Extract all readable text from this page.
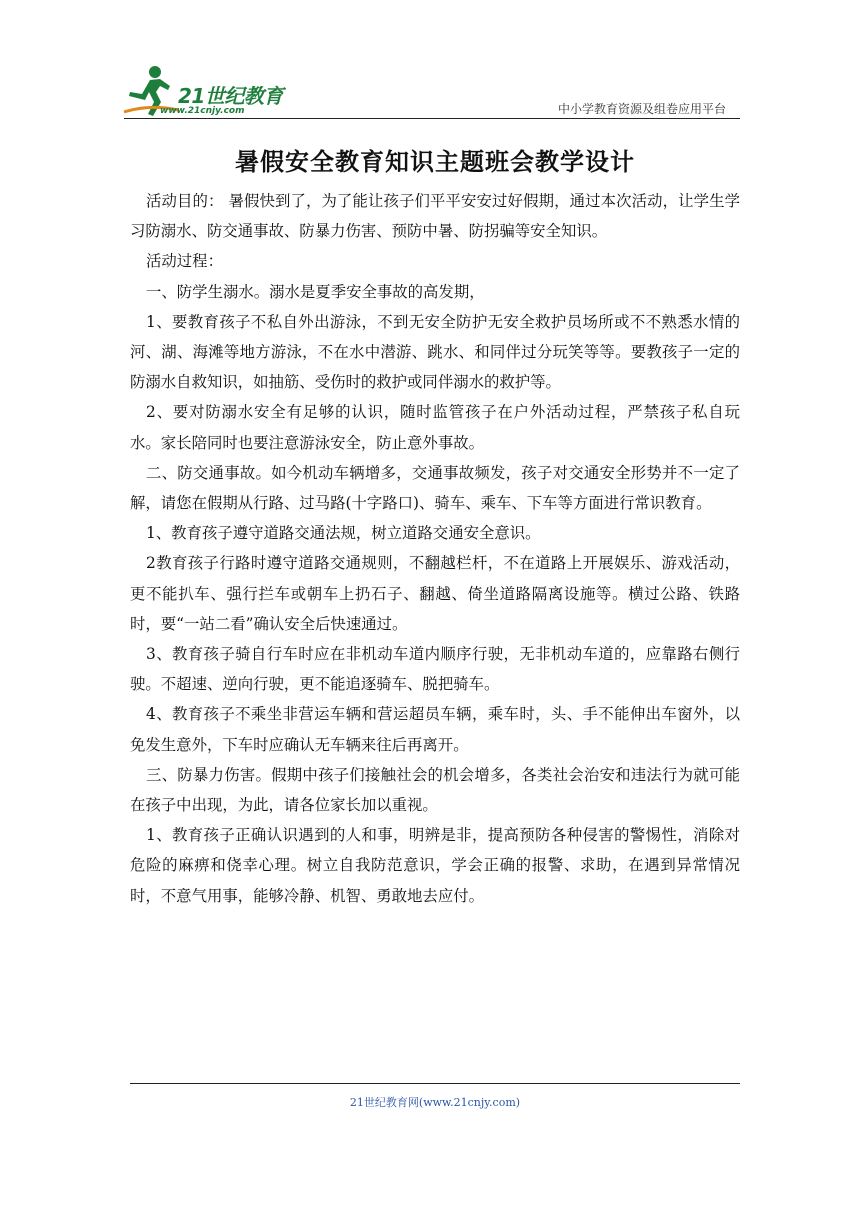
21世纪教育
www.21cnjy.com	中小学教育资源及组卷应用平台
暑假安全教育知识主题班会教学设计

活动目的： 暑假快到了，为了能让孩子们平平安安过好假期，通过本次活动，让学生学习防溺水、防交通事故、防暴力伤害、预防中暑、防拐骗等安全知识。

活动过程：

一、防学生溺水。溺水是夏季安全事故的高发期，

1、要教育孩子不私自外出游泳，不到无安全防护无安全救护员场所或不不熟悉水情的河、湖、海滩等地方游泳，不在水中潜游、跳水、和同伴过分玩笑等等。要教孩子一定的防溺水自救知识，如抽筋、受伤时的救护或同伴溺水的救护等。

2、要对防溺水安全有足够的认识，随时监管孩子在户外活动过程，严禁孩子私自玩水。家长陪同时也要注意游泳安全，防止意外事故。

二、防交通事故。如今机动车辆增多，交通事故频发，孩子对交通安全形势并不一定了解，请您在假期从行路、过马路(十字路口)、骑车、乘车、下车等方面进行常识教育。

1、教育孩子遵守道路交通法规，树立道路交通安全意识。

2教育孩子行路时遵守道路交通规则，不翻越栏杆，不在道路上开展娱乐、游戏活动，更不能扒车、强行拦车或朝车上扔石子、翻越、倚坐道路隔离设施等。横过公路、铁路时，要“一站二看”确认安全后快速通过。

3、教育孩子骑自行车时应在非机动车道内顺序行驶，无非机动车道的，应靠路右侧行驶。不超速、逆向行驶，更不能追逐骑车、脱把骑车。

4、教育孩子不乘坐非营运车辆和营运超员车辆，乘车时，头、手不能伸出车窗外，以免发生意外，下车时应确认无车辆来往后再离开。

三、防暴力伤害。假期中孩子们接触社会的机会增多，各类社会治安和违法行为就可能在孩子中出现，为此，请各位家长加以重视。

1、教育孩子正确认识遇到的人和事，明辨是非，提高预防各种侵害的警惕性，消除对危险的麻痹和侥幸心理。树立自我防范意识，学会正确的报警、求助，在遇到异常情况时，不意气用事，能够冷静、机智、勇敢地去应付。

21世纪教育网(www.21cnjy.com)
